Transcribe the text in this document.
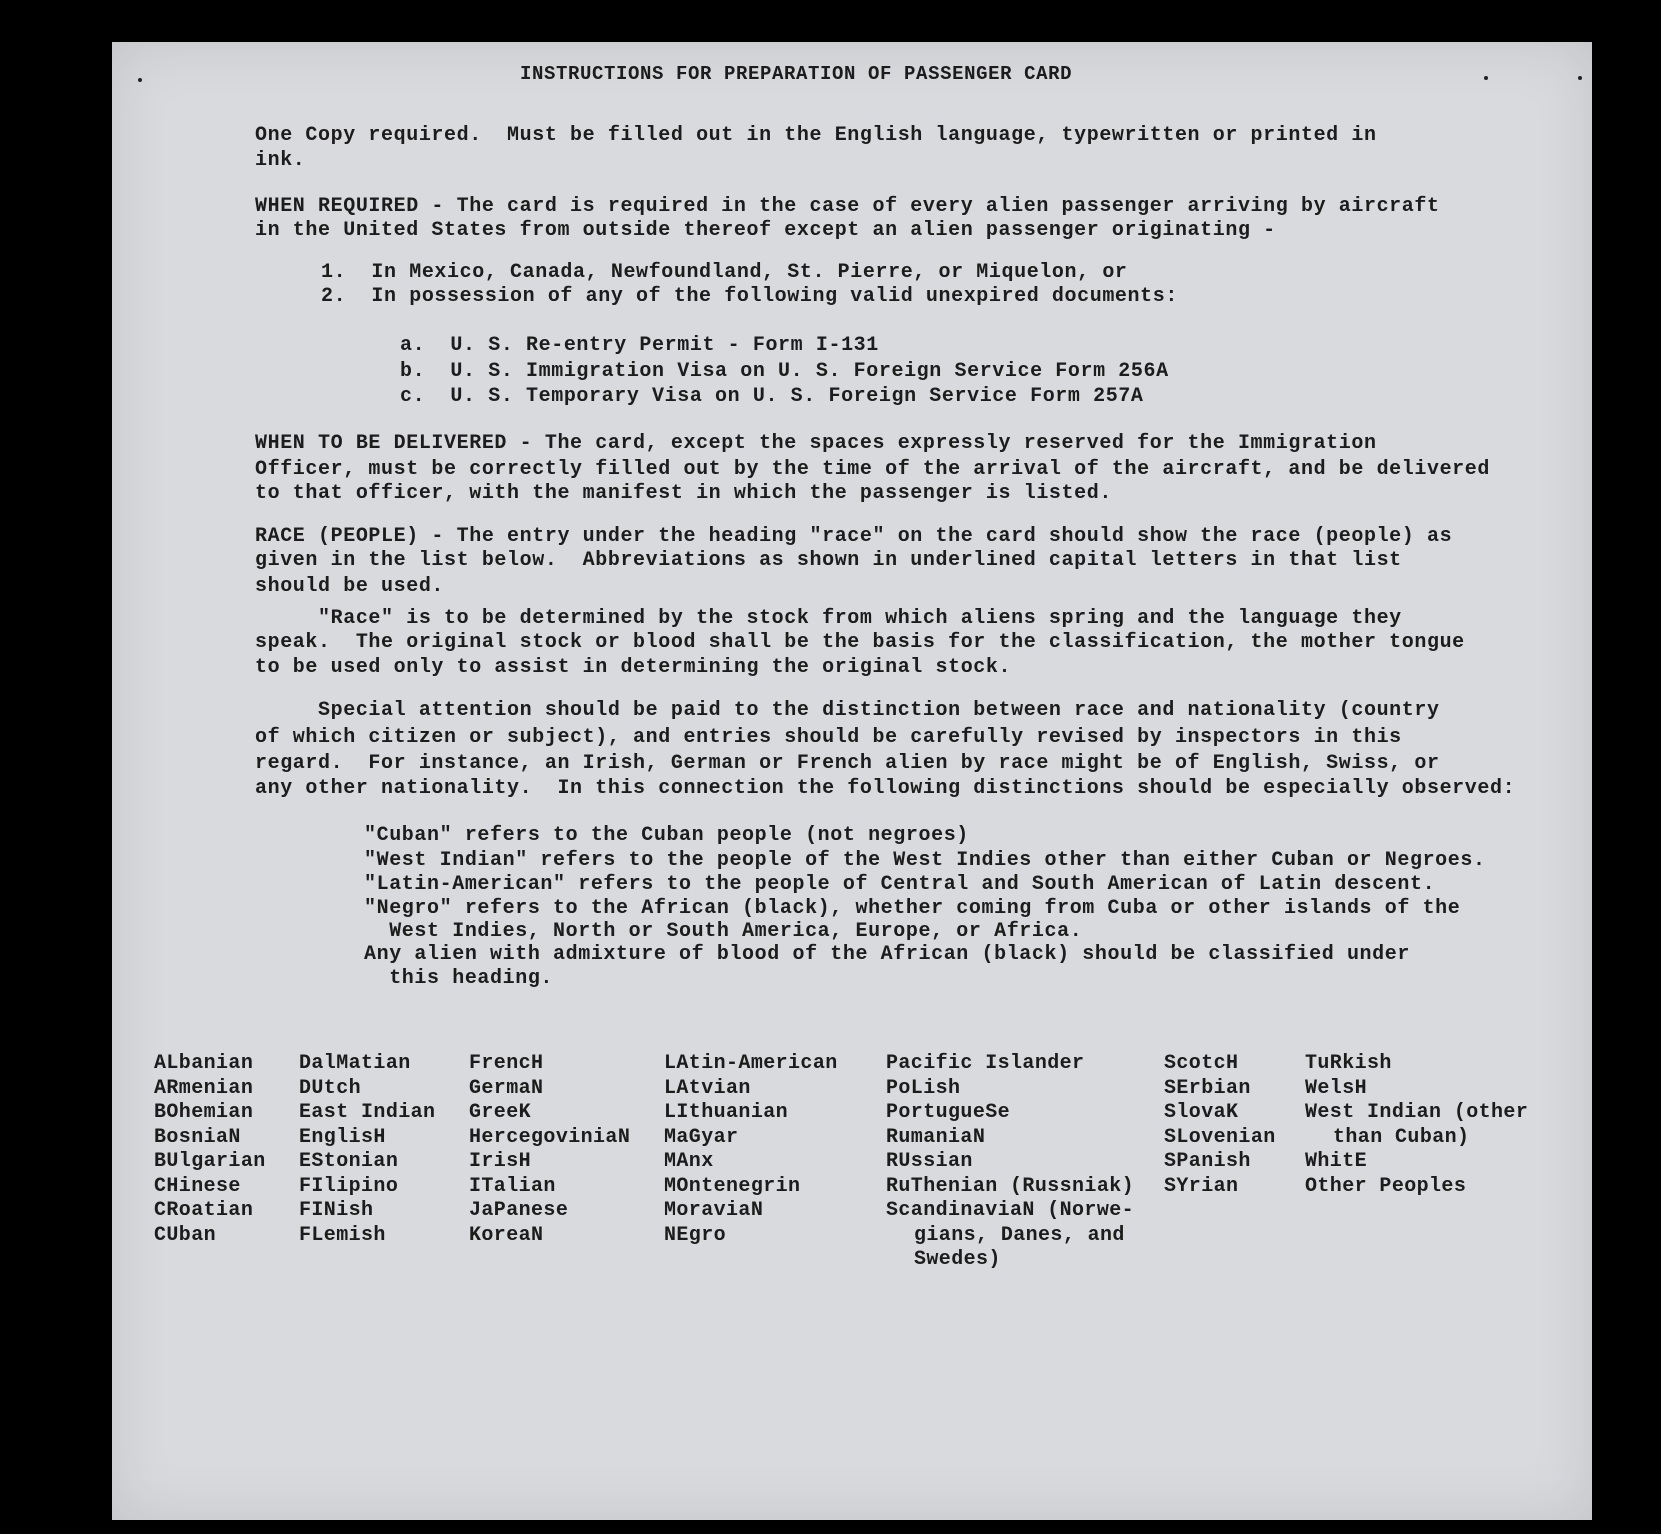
INSTRUCTIONS FOR PREPARATION OF PASSENGER CARD
One Copy required.  Must be filled out in the English language, typewritten or printed in
ink.
WHEN REQUIRED - The card is required in the case of every alien passenger arriving by aircraft
in the United States from outside thereof except an alien passenger originating -
1.  In Mexico, Canada, Newfoundland, St. Pierre, or Miquelon, or
2.  In possession of any of the following valid unexpired documents:
a.  U. S. Re-entry Permit - Form I-131
b.  U. S. Immigration Visa on U. S. Foreign Service Form 256A
c.  U. S. Temporary Visa on U. S. Foreign Service Form 257A
WHEN TO BE DELIVERED - The card, except the spaces expressly reserved for the Immigration
Officer, must be correctly filled out by the time of the arrival of the aircraft, and be delivered
to that officer, with the manifest in which the passenger is listed.
RACE (PEOPLE) - The entry under the heading "race" on the card should show the race (people) as
given in the list below.  Abbreviations as shown in underlined capital letters in that list
should be used.
"Race" is to be determined by the stock from which aliens spring and the language they
speak.  The original stock or blood shall be the basis for the classification, the mother tongue
to be used only to assist in determining the original stock.
Special attention should be paid to the distinction between race and nationality (country
of which citizen or subject), and entries should be carefully revised by inspectors in this
regard.  For instance, an Irish, German or French alien by race might be of English, Swiss, or
any other nationality.  In this connection the following distinctions should be especially observed:
"Cuban" refers to the Cuban people (not negroes)
"West Indian" refers to the people of the West Indies other than either Cuban or Negroes.
"Latin-American" refers to the people of Central and South American of Latin descent.
"Negro" refers to the African (black), whether coming from Cuba or other islands of the
West Indies, North or South America, Europe, or Africa.
Any alien with admixture of blood of the African (black) should be classified under
this heading.
ALbanian
ARmenian
BOhemian
BosniaN
BUlgarian
CHinese
CRoatian
CUban
DalMatian
DUtch
East Indian
EnglisH
EStonian
FIlipino
FINish
FLemish
FrencH
GermaN
GreeK
HercegoviniaN
IrisH
ITalian
JaPanese
KoreaN
LAtin-American
LAtvian
LIthuanian
MaGyar
MAnx
MOntenegrin
MoraviaN
NEgro
Pacific Islander
PoLish
PortugueSe
RumaniaN
RUssian
RuThenian (Russniak)
ScandinaviaN (Norwe-
gians, Danes, and
Swedes)
ScotcH
SErbian
SlovaK
SLovenian
SPanish
SYrian
TuRkish
WelsH
West Indian (other
than Cuban)
WhitE
Other Peoples
